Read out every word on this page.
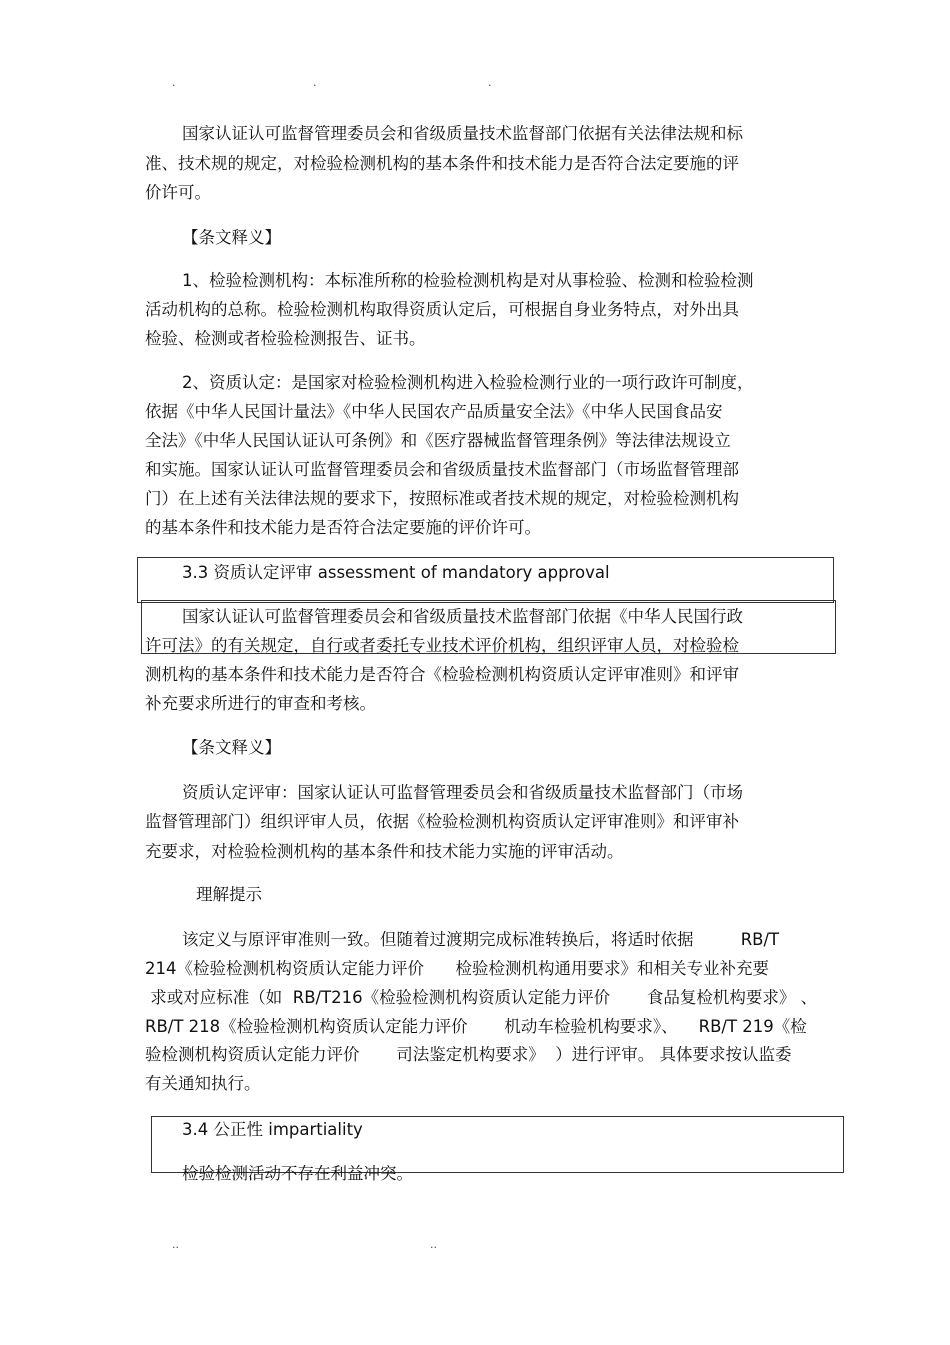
.	.	.
国家认证认可监督管理委员会和省级质量技术监督部门依据有关法律法规和标
准、技术规的规定，对检验检测机构的基本条件和技术能力是否符合法定要施的评
价许可。
【条文释义】
1、检验检测机构：本标准所称的检验检测机构是对从事检验、检测和检验检测
活动机构的总称。检验检测机构取得资质认定后，可根据自身业务特点，对外出具
检验、检测或者检验检测报告、证书。
2、资质认定：是国家对检验检测机构进入检验检测行业的一项行政许可制度，
依据《中华人民国计量法》《中华人民国农产品质量安全法》《中华人民国食品安
全法》《中华人民国认证认可条例》和《医疗器械监督管理条例》等法律法规设立
和实施。国家认证认可监督管理委员会和省级质量技术监督部门（市场监督管理部
门）在上述有关法律法规的要求下，按照标准或者技术规的规定，对检验检测机构
的基本条件和技术能力是否符合法定要施的评价许可。
3.3 资质认定评审 assessment of mandatory approval
国家认证认可监督管理委员会和省级质量技术监督部门依据《中华人民国行政
许可法》的有关规定，自行或者委托专业技术评价机构，组织评审人员，对检验检
测机构的基本条件和技术能力是否符合《检验检测机构资质认定评审准则》和评审
补充要求所进行的审查和考核。
【条文释义】
资质认定评审：国家认证认可监督管理委员会和省级质量技术监督部门（市场
监督管理部门）组织评审人员，依据《检验检测机构资质认定评审准则》和评审补
充要求，对检验检测机构的基本条件和技术能力实施的评审活动。
理解提示
该定义与原评审准则一致。但随着过渡期完成标准转换后，将适时依据         RB/T
214《检验检测机构资质认定能力评价      检验检测机构通用要求》和相关专业补充要
求或对应标准（如  RB/T216《检验检测机构资质认定能力评价       食品复检机构要求》 、
RB/T 218《检验检测机构资质认定能力评价       机动车检验机构要求》、    RB/T 219《检
验检测机构资质认定能力评价       司法鉴定机构要求》  ）进行评审。 具体要求按认监委
有关通知执行。
3.4 公正性 impartiality
检验检测活动不存在利益冲突。
..	..
